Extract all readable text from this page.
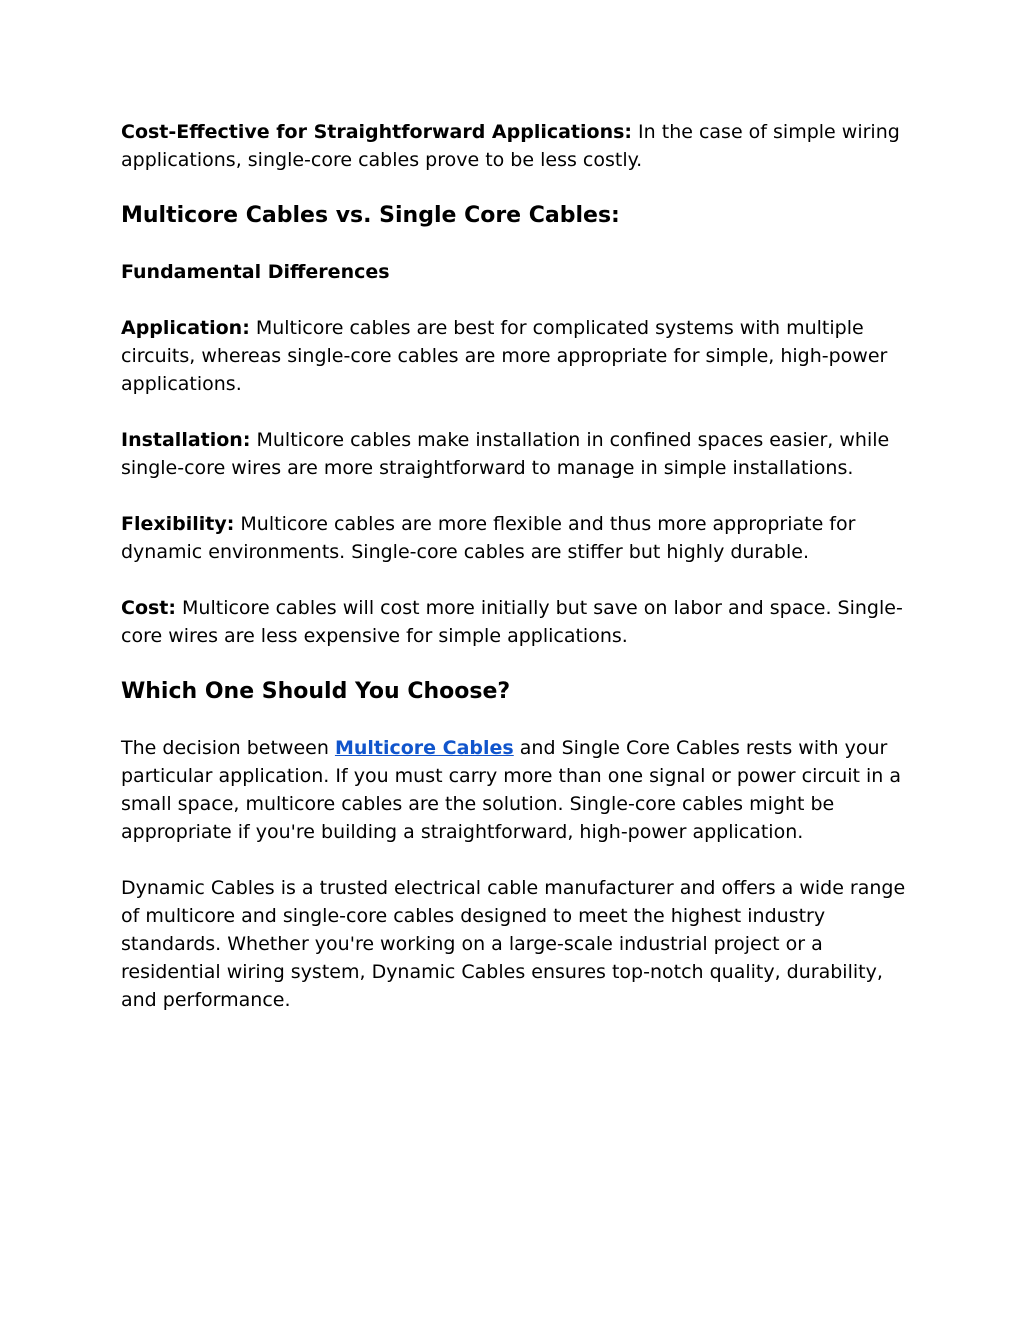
Cost-Effective for Straightforward Applications: In the case of simple wiring applications, single-core cables prove to be less costly.

Multicore Cables vs. Single Core Cables:
Fundamental Differences

Application: Multicore cables are best for complicated systems with multiple circuits, whereas single-core cables are more appropriate for simple, high-power applications.

Installation: Multicore cables make installation in confined spaces easier, while single-core wires are more straightforward to manage in simple installations.

Flexibility: Multicore cables are more flexible and thus more appropriate for dynamic environments. Single-core cables are stiffer but highly durable.

Cost: Multicore cables will cost more initially but save on labor and space. Single-core wires are less expensive for simple applications.

Which One Should You Choose?

The decision between Multicore Cables and Single Core Cables rests with your particular application. If you must carry more than one signal or power circuit in a small space, multicore cables are the solution. Single-core cables might be appropriate if you're building a straightforward, high-power application.

Dynamic Cables is a trusted electrical cable manufacturer and offers a wide range of multicore and single-core cables designed to meet the highest industry standards. Whether you're working on a large-scale industrial project or a residential wiring system, Dynamic Cables ensures top-notch quality, durability, and performance.
